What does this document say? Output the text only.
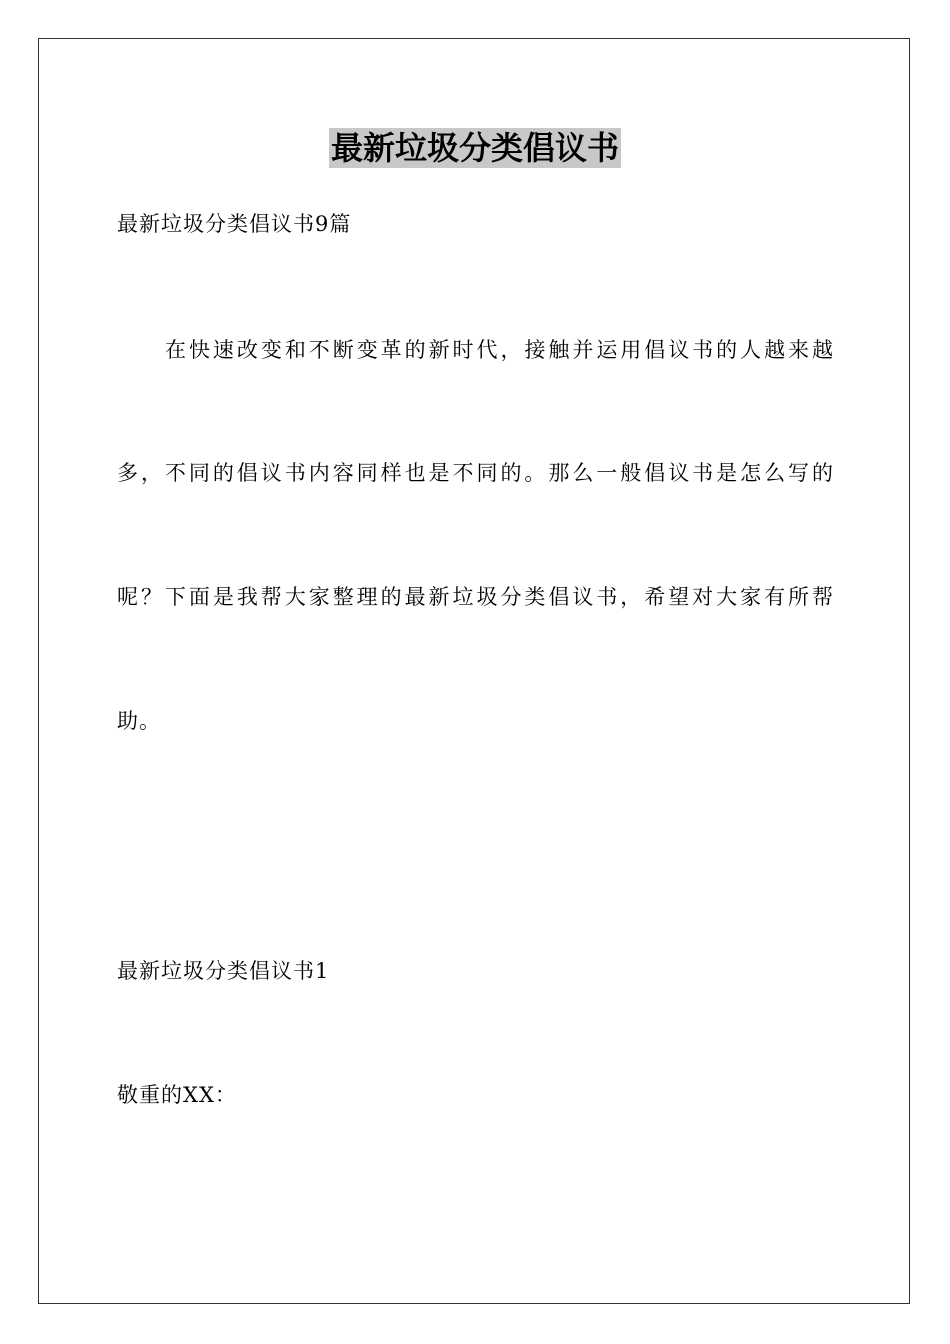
最新垃圾分类倡议书
最新垃圾分类倡议书9篇
在快速改变和不断变革的新时代，接触并运用倡议书的人越来越
多，不同的倡议书内容同样也是不同的。那么一般倡议书是怎么写的
呢？下面是我帮大家整理的最新垃圾分类倡议书，希望对大家有所帮
助。
最新垃圾分类倡议书1
敬重的XX：
